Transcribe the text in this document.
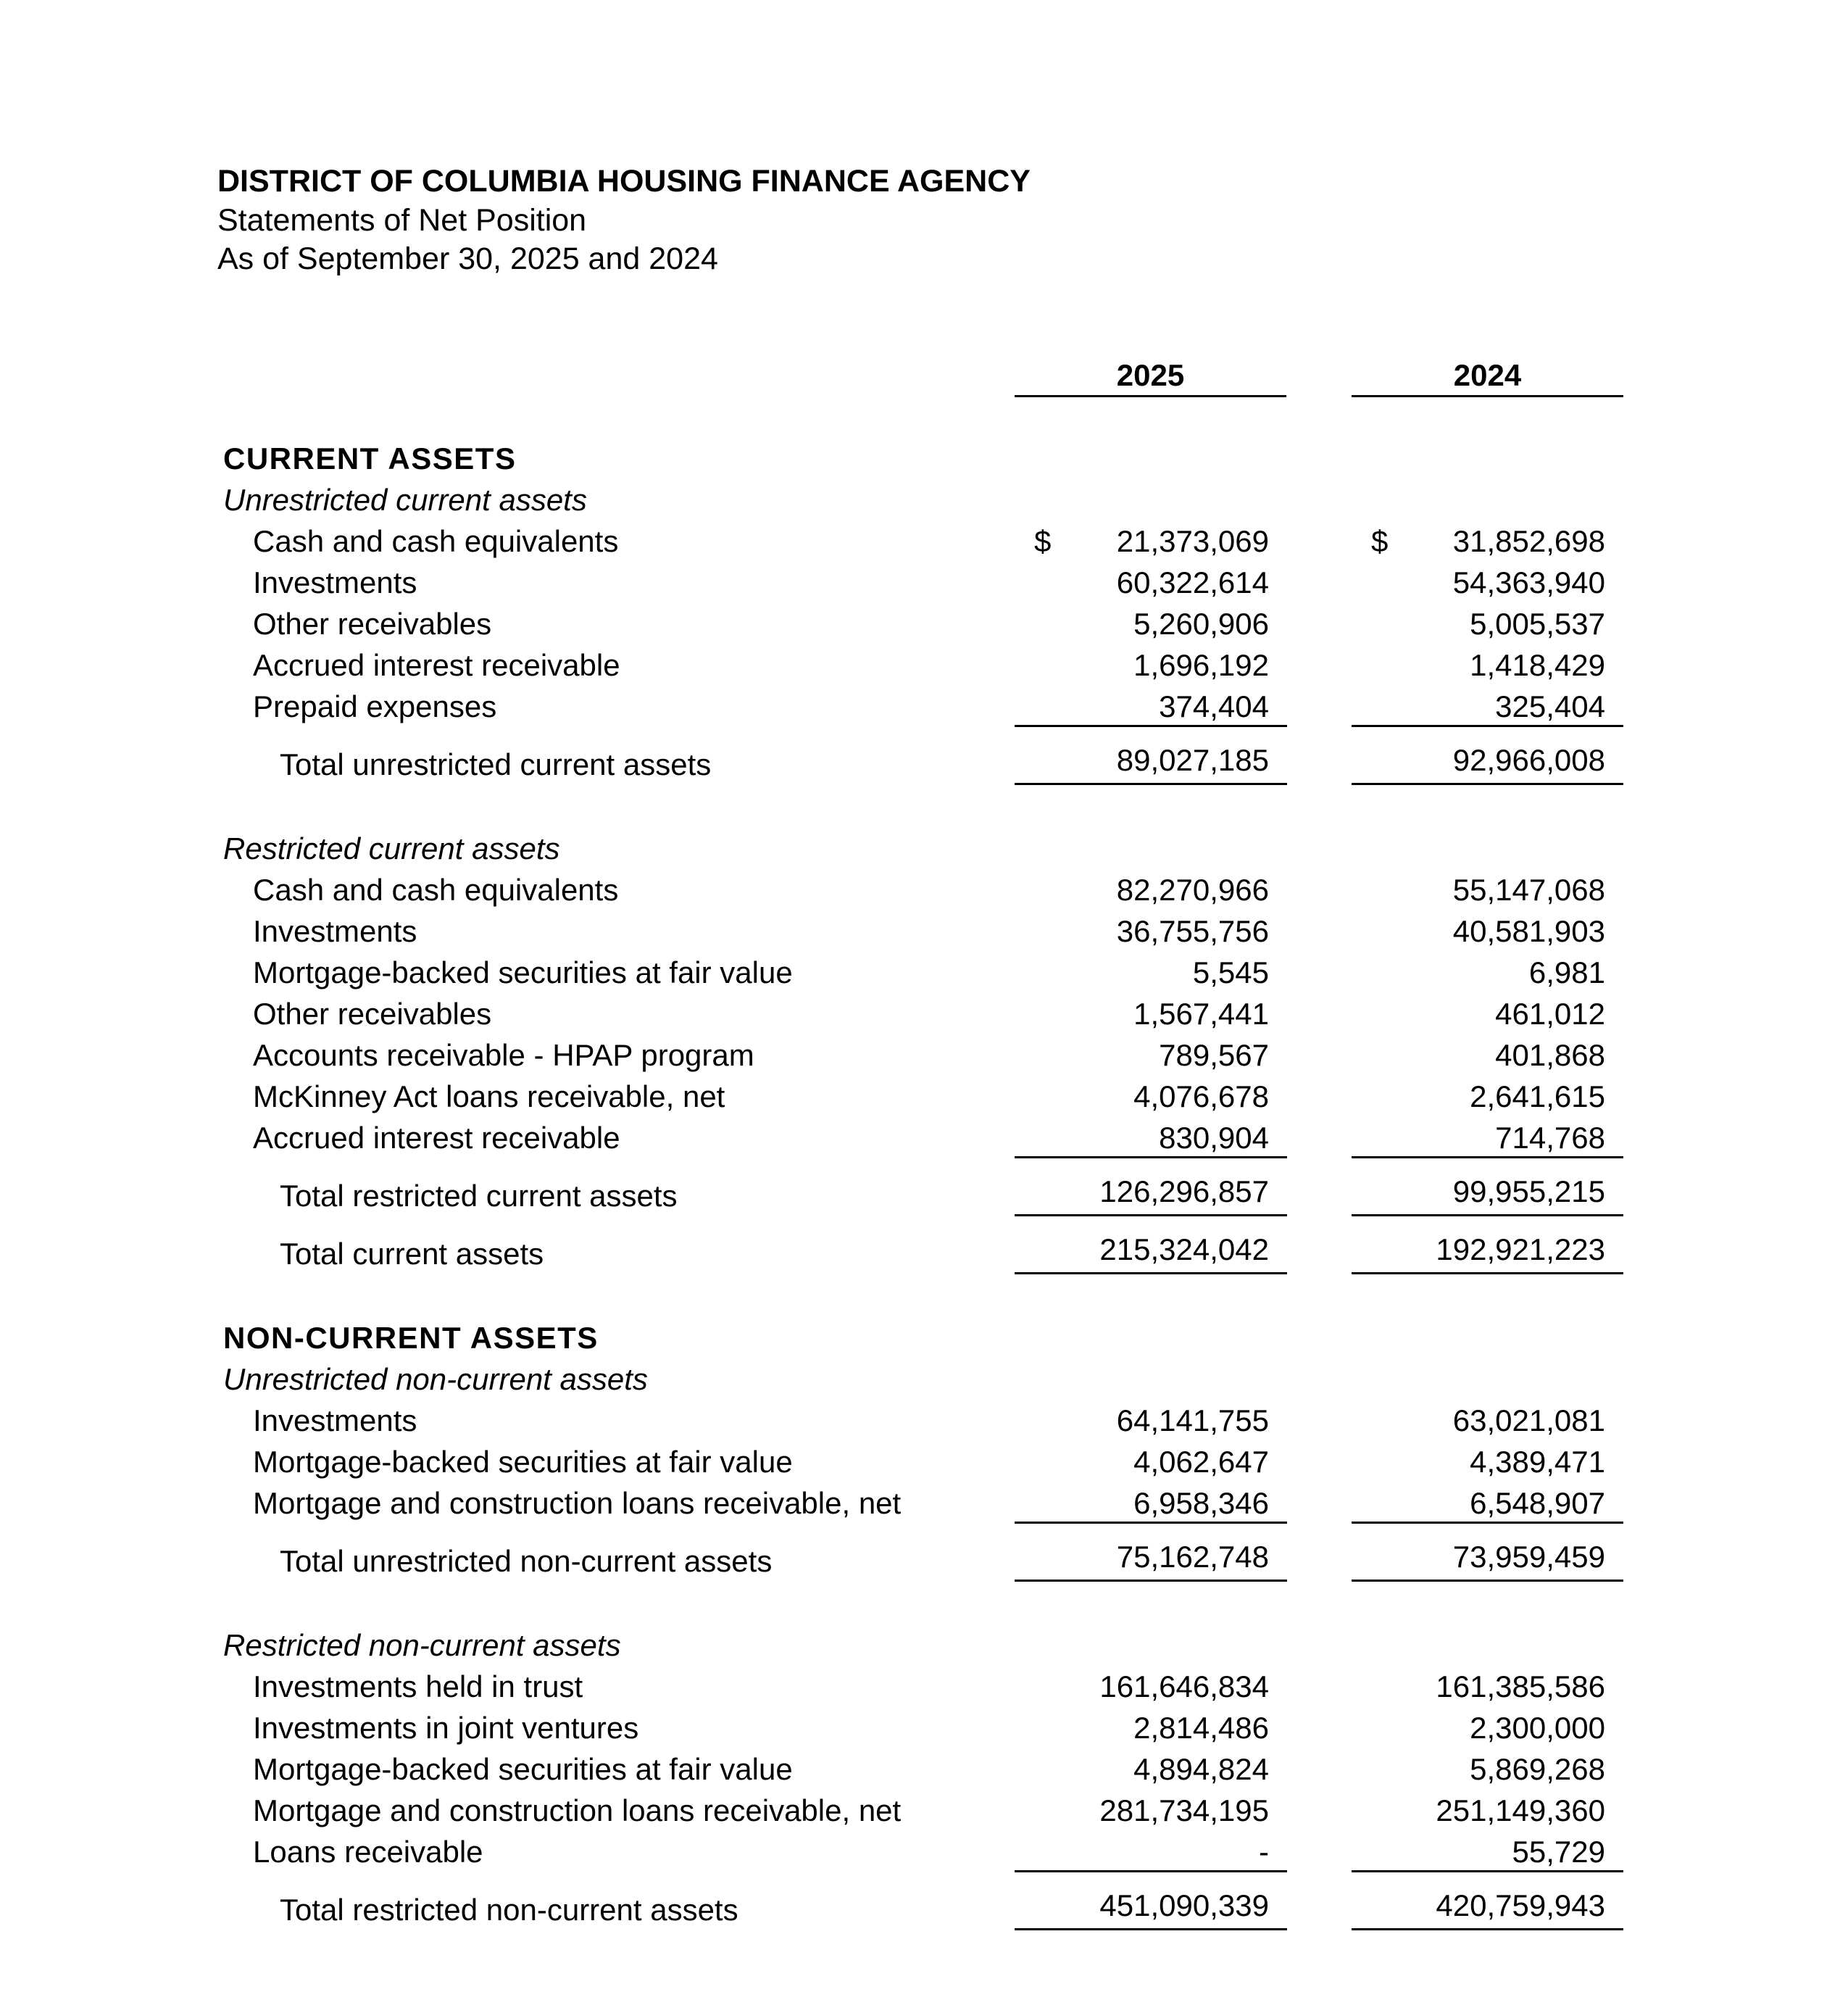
DISTRICT OF COLUMBIA HOUSING FINANCE AGENCY
Statements of Net Position
As of September 30, 2025 and 2024
2025	2024
CURRENT ASSETS
Unrestricted current assets
Cash and cash equivalents	$ 21,373,069	$ 31,852,698
Investments	60,322,614	54,363,940
Other receivables	5,260,906	5,005,537
Accrued interest receivable	1,696,192	1,418,429
Prepaid expenses	374,404	325,404
Total unrestricted current assets	89,027,185	92,966,008
Restricted current assets
Cash and cash equivalents	82,270,966	55,147,068
Investments	36,755,756	40,581,903
Mortgage-backed securities at fair value	5,545	6,981
Other receivables	1,567,441	461,012
Accounts receivable - HPAP program	789,567	401,868
McKinney Act loans receivable, net	4,076,678	2,641,615
Accrued interest receivable	830,904	714,768
Total restricted current assets	126,296,857	99,955,215
Total current assets	215,324,042	192,921,223
NON-CURRENT ASSETS
Unrestricted non-current assets
Investments	64,141,755	63,021,081
Mortgage-backed securities at fair value	4,062,647	4,389,471
Mortgage and construction loans receivable, net	6,958,346	6,548,907
Total unrestricted non-current assets	75,162,748	73,959,459
Restricted non-current assets
Investments held in trust	161,646,834	161,385,586
Investments in joint ventures	2,814,486	2,300,000
Mortgage-backed securities at fair value	4,894,824	5,869,268
Mortgage and construction loans receivable, net	281,734,195	251,149,360
Loans receivable	-	55,729
Total restricted non-current assets	451,090,339	420,759,943
